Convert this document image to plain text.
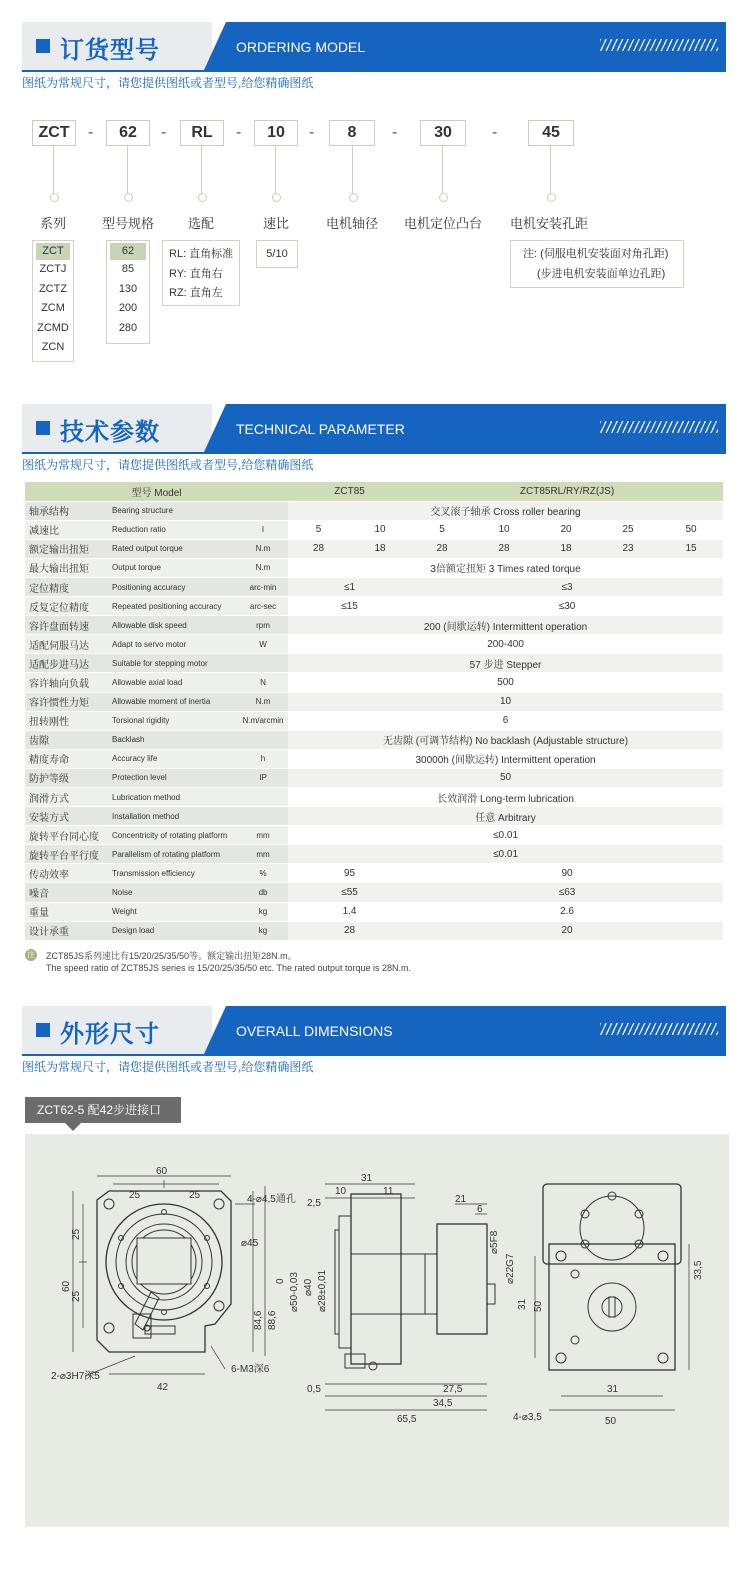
订货型号	ORDERING MODEL
图纸为常规尺寸，请您提供图纸或者型号,给您精确图纸
ZCT	-	62	-	RL	-	10	-	8	-	30	-	45
系列	型号规格	选配	速比	电机轴径 电机定位凸台 电机安装孔距
ZCT
ZCTJ
ZCTZ
ZCM
ZCMD
ZCN
62
85
130
200
280
RL: 直角标准
RY: 直角右
RZ: 直角左
5/10	注: (伺服电机安装面对角孔距)
(步进电机安装面单边孔距)
技术参数	TECHNICAL PARAMETER
图纸为常规尺寸，请您提供图纸或者型号,给您精确图纸
型号 Model			ZCT85		ZCT85RL/RY/RZ(JS)				
轴承结构	Bearing structure		交叉滚子轴承 Cross roller bearing						
减速比	Reduction ratio	I	5	10	5	10	20	25	50
额定输出扭矩	Rated output torque	N.m	28	18	28	28	18	23	15
最大输出扭矩	Output torque	N.m	3倍额定扭矩 3 Times rated torque						
定位精度	Positioning accuracy	arc-min	≤1		≤3				
反复定位精度	Repeated positioning accuracy	arc-sec	≤15		≤30				
容许盘面转速	Allowable disk speed	rpm	200 (间歇运转) Intermittent operation						
适配伺服马达	Adapt to servo motor	W	200-400						
适配步进马达	Suitable for stepping motor		57 步进 Stepper						
容许轴向负载	Allowable axial load	N	500						
容许惯性力矩	Allowable moment of inertia	N.m	10						
扭转刚性	Torsional rigidity	N.m/arcmin	6						
齿隙	Backlash		无齿隙 (可调节结构) No backlash (Adjustable structure)						
精度寿命	Accuracy life	h	30000h (间歇运转) Intermittent operation						
防护等级	Protection level	IP	50						
润滑方式	Lubrication method		长效润滑 Long-term lubrication						
安装方式	Installation method		任意 Arbitrary						
旋转平台同心度	Concentricity of rotating platform	mm	≤0.01						
旋转平台平行度	Parallelism of rotating platform	mm	≤0.01						
传动效率	Transmission efficiency	%	95		90				
噪音	Noise	db	≤55		≤63				
重量	Weight	kg	1.4		2.6				
设计承重	Design load	kg	28		20				
注 ZCT85JS系列速比有15/20/25/35/50等。额定输出扭矩28N.m。
The speed ratio of ZCT85JS series is 15/20/25/35/50 etc. The rated output torque is 28N.m.
外形尺寸	OVERALL DIMENSIONS
图纸为常规尺寸，请您提供图纸或者型号,给您精确图纸
ZCT62-5 配42步进接口
60
25	25	4-⌀4,5通孔
⌀45
60
25
25
2-⌀3H7深5
6-M3深6
84,6 88,6
42
31
10	11
2,5
⌀50-0,03 ⌀40 ⌀28±0,01
0
21
6
⌀5F8
⌀22G7
0,5	27,5
34,5
65,5
33,5
31 50
31
50
4-⌀3,5
